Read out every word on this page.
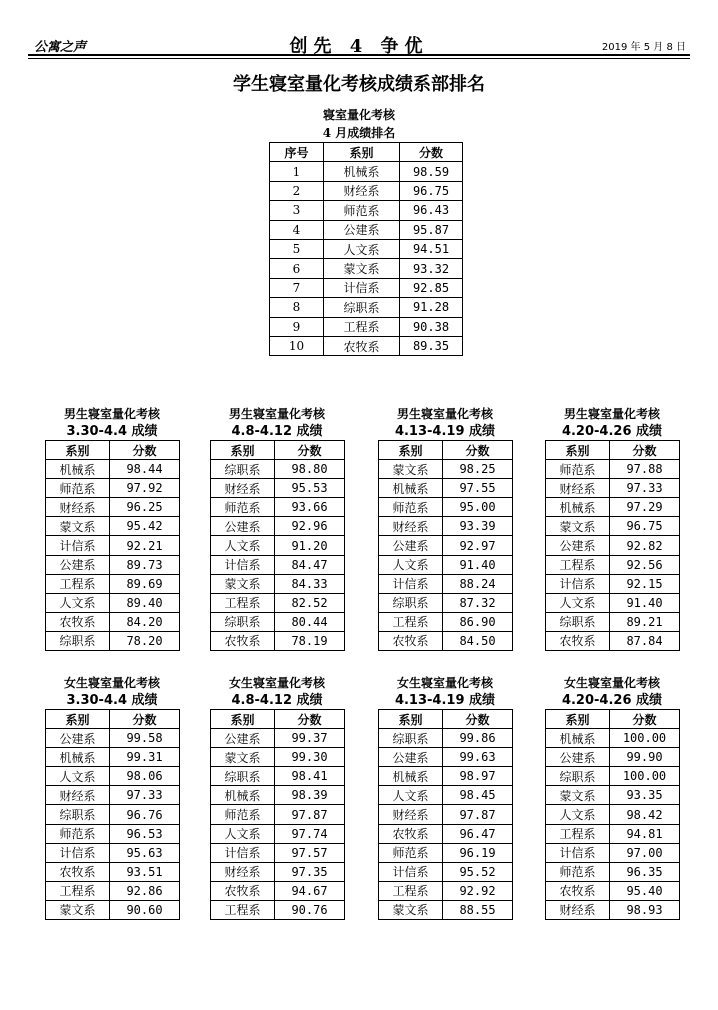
公寓之声	创先 4 争优	2019 年 5 月 8 日
学生寝室量化考核成绩系部排名
寝室量化考核
4 月成绩排名
序号	系别	分数
1	机械系	98.59
2	财经系	96.75
3	师范系	96.43
4	公建系	95.87
5	人文系	94.51
6	蒙文系	93.32
7	计信系	92.85
8	综职系	91.28
9	工程系	90.38
10	农牧系	89.35
男生寝室量化考核
3.30-4.4 成绩
系别	分数
机械系	98.44
师范系	97.92
财经系	96.25
蒙文系	95.42
计信系	92.21
公建系	89.73
工程系	89.69
人文系	89.40
农牧系	84.20
综职系	78.20
男生寝室量化考核
4.8-4.12 成绩
系别	分数
综职系	98.80
财经系	95.53
师范系	93.66
公建系	92.96
人文系	91.20
计信系	84.47
蒙文系	84.33
工程系	82.52
综职系	80.44
农牧系	78.19
男生寝室量化考核
4.13-4.19 成绩
系别	分数
蒙文系	98.25
机械系	97.55
师范系	95.00
财经系	93.39
公建系	92.97
人文系	91.40
计信系	88.24
综职系	87.32
工程系	86.90
农牧系	84.50
男生寝室量化考核
4.20-4.26 成绩
系别	分数
师范系	97.88
财经系	97.33
机械系	97.29
蒙文系	96.75
公建系	92.82
工程系	92.56
计信系	92.15
人文系	91.40
综职系	89.21
农牧系	87.84
女生寝室量化考核
3.30-4.4 成绩
系别	分数
公建系	99.58
机械系	99.31
人文系	98.06
财经系	97.33
综职系	96.76
师范系	96.53
计信系	95.63
农牧系	93.51
工程系	92.86
蒙文系	90.60
女生寝室量化考核
4.8-4.12 成绩
系别	分数
公建系	99.37
蒙文系	99.30
综职系	98.41
机械系	98.39
师范系	97.87
人文系	97.74
计信系	97.57
财经系	97.35
农牧系	94.67
工程系	90.76
女生寝室量化考核
4.13-4.19 成绩
系别	分数
综职系	99.86
公建系	99.63
机械系	98.97
人文系	98.45
财经系	97.87
农牧系	96.47
师范系	96.19
计信系	95.52
工程系	92.92
蒙文系	88.55
女生寝室量化考核
4.20-4.26 成绩
系别	分数
机械系	100.00
公建系	99.90
综职系	100.00
蒙文系	93.35
人文系	98.42
工程系	94.81
计信系	97.00
师范系	96.35
农牧系	95.40
财经系	98.93
